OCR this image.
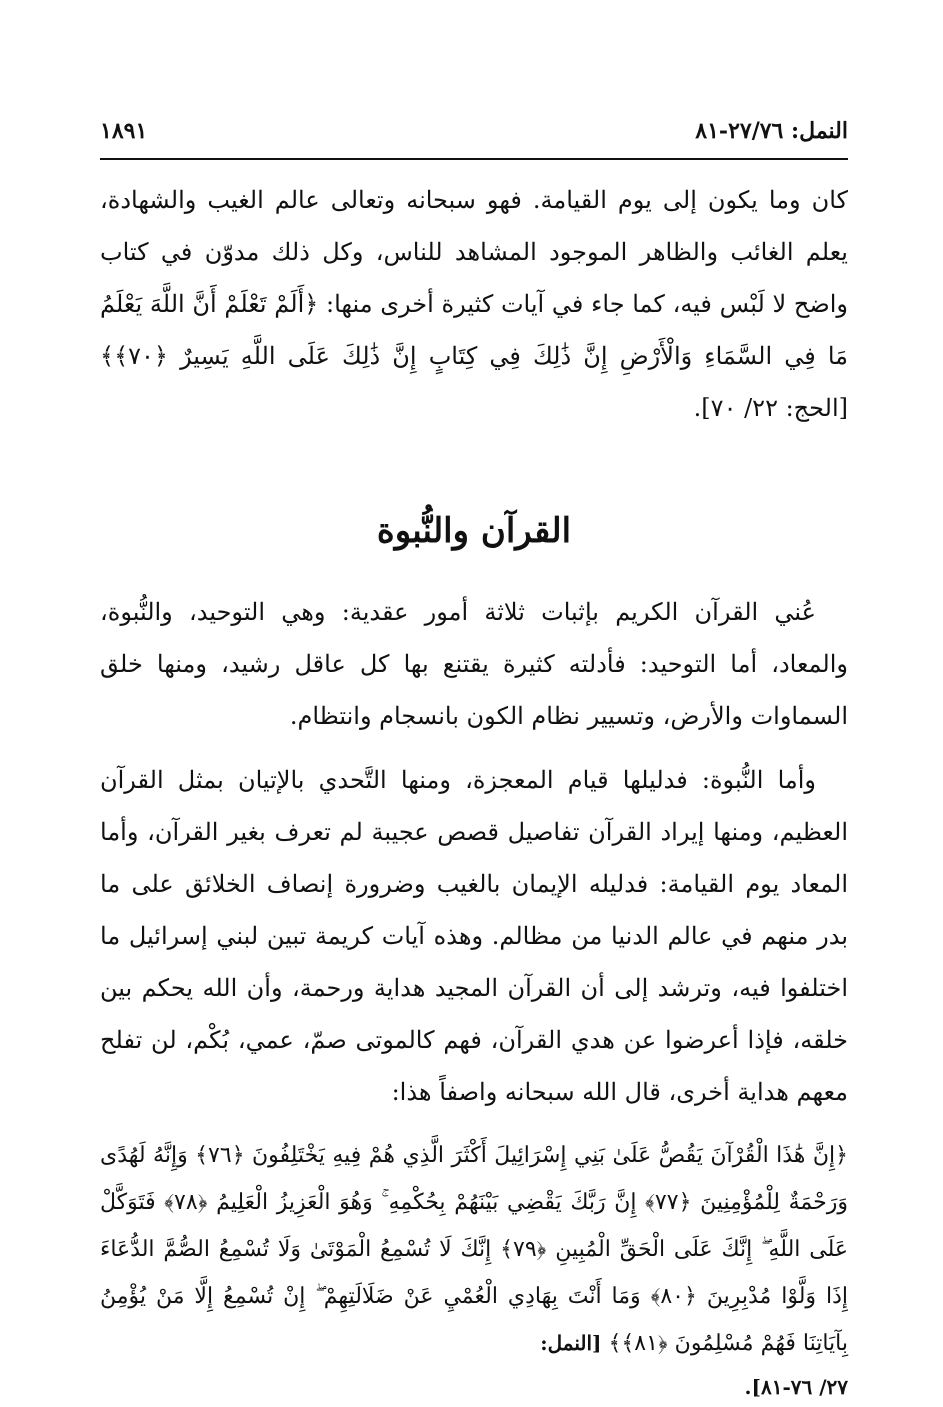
النمل: ٢٧/٧٦-٨١
١٨٩١

كان وما يكون إلى يوم القيامة. فهو سبحانه وتعالى عالم الغيب والشهادة، يعلم الغائب والظاهر الموجود المشاهد للناس، وكل ذلك مدوّن في كتاب واضح لا لَبْس فيه، كما جاء في آيات كثيرة أخرى منها: ﴿أَلَمْ تَعْلَمْ أَنَّ اللَّهَ يَعْلَمُ مَا فِي السَّمَاءِ وَالْأَرْضِ إِنَّ ذَٰلِكَ فِي كِتَابٍ إِنَّ ذَٰلِكَ عَلَى اللَّهِ يَسِيرٌ ﴿٧٠﴾﴾ [الحج: ٢٢/ ٧٠].

القرآن والنُّبوة

عُني القرآن الكريم بإثبات ثلاثة أمور عقدية: وهي التوحيد، والنُّبوة، والمعاد، أما التوحيد: فأدلته كثيرة يقتنع بها كل عاقل رشيد، ومنها خلق السماوات والأرض، وتسيير نظام الكون بانسجام وانتظام.

وأما النُّبوة: فدليلها قيام المعجزة، ومنها التَّحدي بالإتيان بمثل القرآن العظيم، ومنها إيراد القرآن تفاصيل قصص عجيبة لم تعرف بغير القرآن، وأما المعاد يوم القيامة: فدليله الإيمان بالغيب وضرورة إنصاف الخلائق على ما بدر منهم في عالم الدنيا من مظالم. وهذه آيات كريمة تبين لبني إسرائيل ما اختلفوا فيه، وترشد إلى أن القرآن المجيد هداية ورحمة، وأن الله يحكم بين خلقه، فإذا أعرضوا عن هدي القرآن، فهم كالموتى صمّ، عمي، بُكْم، لن تفلح معهم هداية أخرى، قال الله سبحانه واصفاً هذا:

﴿إِنَّ هَٰذَا الْقُرْآنَ يَقُصُّ عَلَىٰ بَنِي إِسْرَائِيلَ أَكْثَرَ الَّذِي هُمْ فِيهِ يَخْتَلِفُونَ ﴿٧٦﴾ وَإِنَّهُ لَهُدًى وَرَحْمَةٌ لِلْمُؤْمِنِينَ ﴿٧٧﴾ إِنَّ رَبَّكَ يَقْضِي بَيْنَهُمْ بِحُكْمِهِ ۚ وَهُوَ الْعَزِيزُ الْعَلِيمُ ﴿٧٨﴾ فَتَوَكَّلْ عَلَى اللَّهِ ۖ إِنَّكَ عَلَى الْحَقِّ الْمُبِينِ ﴿٧٩﴾ إِنَّكَ لَا تُسْمِعُ الْمَوْتَىٰ وَلَا تُسْمِعُ الصُّمَّ الدُّعَاءَ إِذَا وَلَّوْا مُدْبِرِينَ ﴿٨٠﴾ وَمَا أَنْتَ بِهَادِي الْعُمْيِ عَنْ ضَلَالَتِهِمْ ۖ إِنْ تُسْمِعُ إِلَّا مَنْ يُؤْمِنُ بِآيَاتِنَا فَهُمْ مُسْلِمُونَ ﴿٨١﴾﴾ [النمل:

٢٧/ ٧٦-٨١].
